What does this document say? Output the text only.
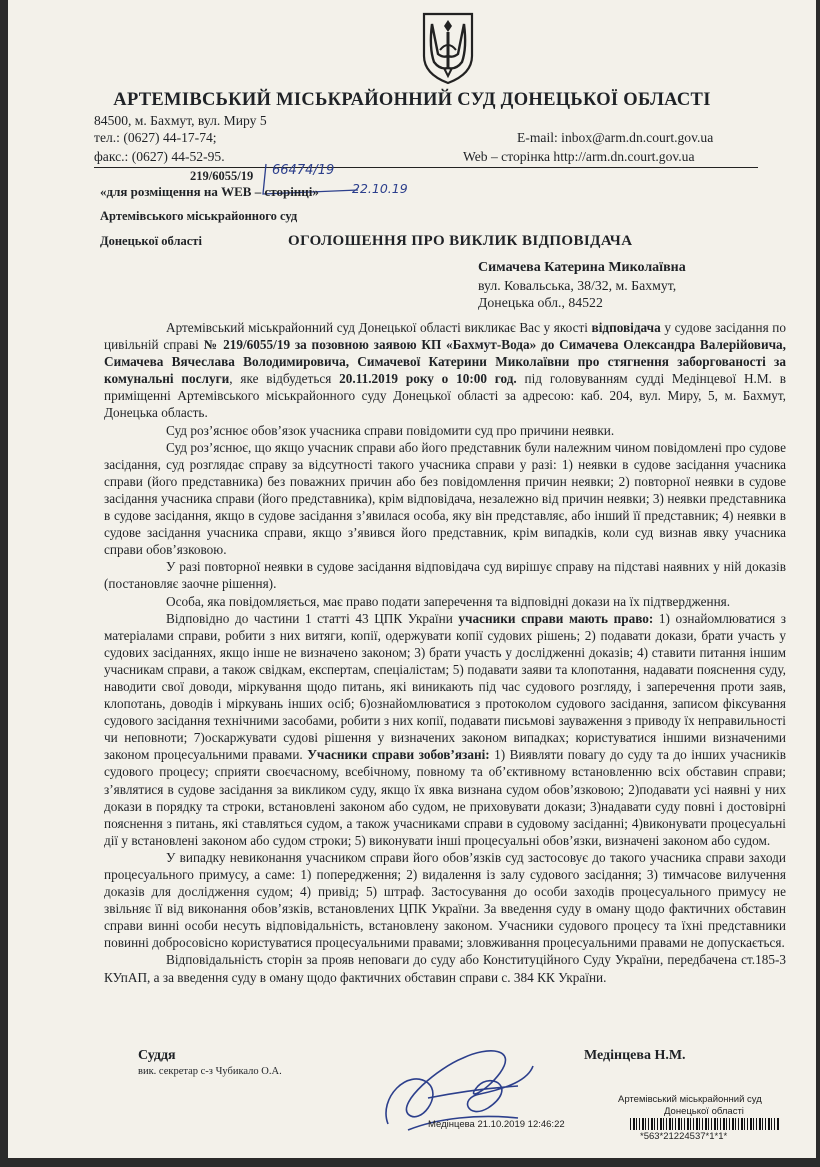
АРТЕМІВСЬКИЙ МІСЬКРАЙОННИЙ СУД ДОНЕЦЬКОЇ ОБЛАСТІ

84500, м. Бахмут, вул. Миру 5

тел.: (0627) 44-17-74;

факс.: (0627) 44-52-95.

E-mail: inbox@arm.dn.court.gov.ua

Web – сторінка http://arm.dn.court.gov.ua

219/6055/19 66474/19

22.10.19

«для розміщення на WEB – сторінці»

Артемівського міськрайонного суд

Донецької області	ОГОЛОШЕННЯ ПРО ВИКЛИК ВІДПОВІДАЧА

Симачева Катерина Миколаївна

вул. Ковальська, 38/32, м. Бахмут,

Донецька обл., 84522

Артемівський міськрайонний суд Донецької області викликає Вас у якості відповідача у судове засідання по цивільній справі № 219/6055/19 за позовною заявою КП «Бахмут-Вода» до Симачева Олександра Валерійовича, Симачева Вячеслава Володимировича, Симачевої Катерини Миколаївни про стягнення заборгованості за комунальні послуги, яке відбудеться 20.11.2019 року о 10:00 год. під головуванням судді Медінцевої Н.М. в приміщенні Артемівського міськрайонного суду Донецької області за адресою: каб. 204, вул. Миру, 5, м. Бахмут, Донецька область.

Суд роз’яснює обов’язок учасника справи повідомити суд про причини неявки.

Суд роз’яснює, що якщо учасник справи або його представник були належним чином повідомлені про судове засідання, суд розглядає справу за відсутності такого учасника справи у разі: 1) неявки в судове засідання учасника справи (його представника) без поважних причин або без повідомлення причин неявки; 2) повторної неявки в судове засідання учасника справи (його представника), крім відповідача, незалежно від причин неявки; 3) неявки представника в судове засідання, якщо в судове засідання з’явилася особа, яку він представляє, або інший її представник; 4) неявки в судове засідання учасника справи, якщо з’явився його представник, крім випадків, коли суд визнав явку учасника справи обов’язковою.

У разі повторної неявки в судове засідання відповідача суд вирішує справу на підставі наявних у ній доказів (постановляє заочне рішення).

Особа, яка повідомляється, має право подати заперечення та відповідні докази на їх підтвердження.

Відповідно до частини 1 статті 43 ЦПК України учасники справи мають право: 1) ознайомлюватися з матеріалами справи, робити з них витяги, копії, одержувати копії судових рішень; 2) подавати докази, брати участь у судових засіданнях, якщо інше не визначено законом; 3) брати участь у дослідженні доказів; 4) ставити питання іншим учасникам справи, а також свідкам, експертам, спеціалістам; 5) подавати заяви та клопотання, надавати пояснення суду, наводити свої доводи, міркування щодо питань, які виникають під час судового розгляду, і заперечення проти заяв, клопотань, доводів і міркувань інших осіб; 6)ознайомлюватися з протоколом судового засідання, записом фіксування судового засідання технічними засобами, робити з них копії, подавати письмові зауваження з приводу їх неправильності чи неповноти; 7)оскаржувати судові рішення у визначених законом випадках; користуватися іншими визначеними законом процесуальними правами. Учасники справи зобов’язані: 1) Виявляти повагу до суду та до інших учасників судового процесу; сприяти своєчасному, всебічному, повному та об’єктивному встановленню всіх обставин справи; з’являтися в судове засідання за викликом суду, якщо їх явка визнана судом обов’язковою; 2)подавати усі наявні у них докази в порядку та строки, встановлені законом або судом, не приховувати докази; 3)надавати суду повні і достовірні пояснення з питань, які ставляться судом, а також учасниками справи в судовому засіданні; 4)виконувати процесуальні дії у встановлені законом або судом строки; 5) виконувати інші процесуальні обов’язки, визначені законом або судом.

У випадку невиконання учасником справи його обов’язків суд застосовує до такого учасника справи заходи процесуального примусу, а саме: 1) попередження; 2) видалення із залу судового засідання; 3) тимчасове вилучення доказів для дослідження судом; 4) привід; 5) штраф. Застосування до особи заходів процесуального примусу не звільняє її від виконання обов’язків, встановлених ЦПК України. За введення суду в оману щодо фактичних обставин справи винні особи несуть відповідальність, встановлену законом. Учасники судового процесу та їхні представники повинні добросовісно користуватися процесуальними правами; зловживання процесуальними правами не допускається.

Відповідальність сторін за прояв неповаги до суду або Конституційного Суду України, передбачена ст.185-3 КУпАП, а за введення суду в оману щодо фактичних обставин справи с. 384 КК України.

Суддя

вик. секретар с-з Чубикало О.А.

Медінцева Н.М.

Артемівський міськрайонний суд

Донецької області

Медінцева 21.10.2019 12:46:22

*563*21224537*1*1*
